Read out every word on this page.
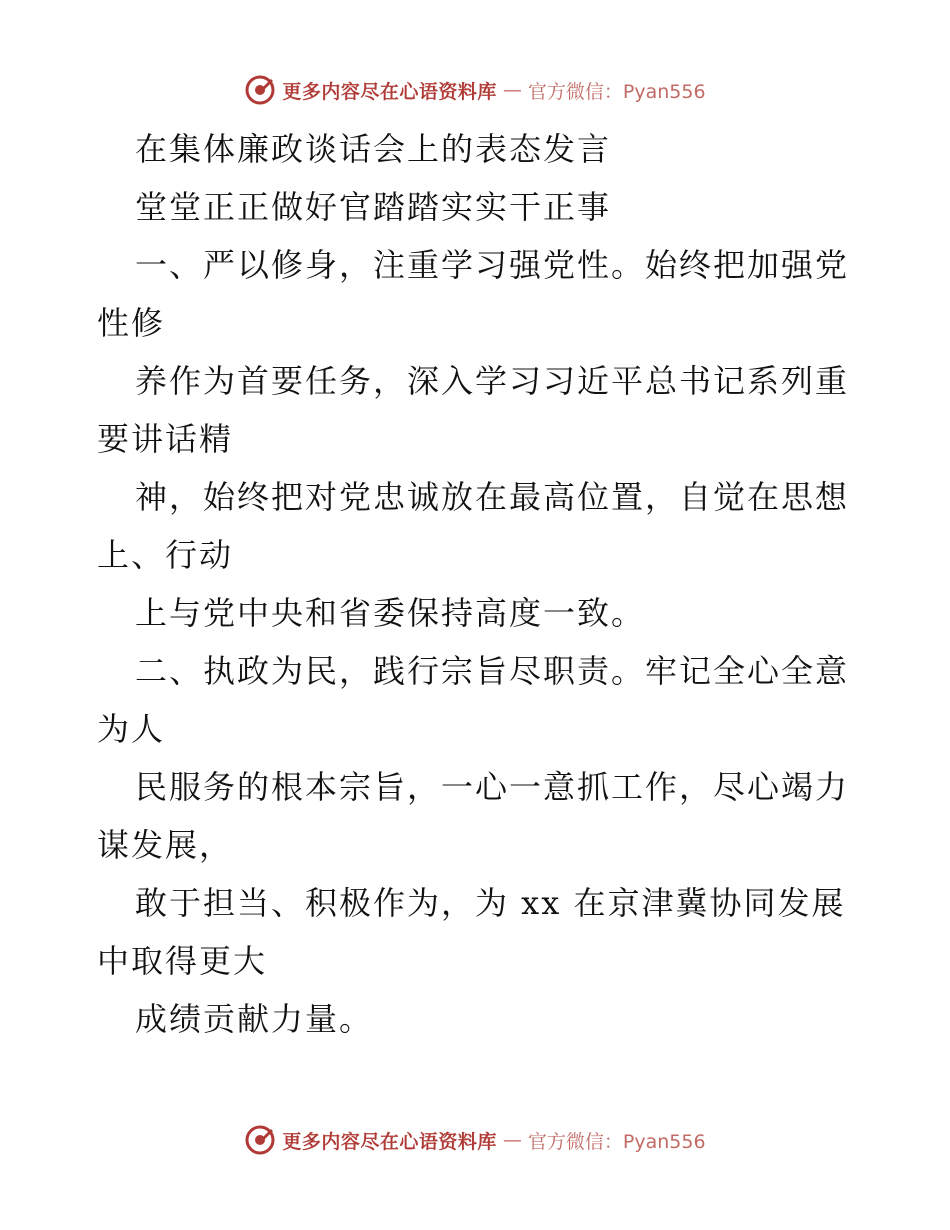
更多内容尽在心语资料库 — 官方微信：Pyan556
在集体廉政谈话会上的表态发言
堂堂正正做好官踏踏实实干正事
一、严以修身，注重学习强党性。始终把加强党
性修
养作为首要任务，深入学习习近平总书记系列重
要讲话精
神，始终把对党忠诚放在最高位置，自觉在思想
上、行动
上与党中央和省委保持高度一致。
二、执政为民，践行宗旨尽职责。牢记全心全意
为人
民服务的根本宗旨，一心一意抓工作，尽心竭力
谋发展，
敢于担当、积极作为，为 xx 在京津冀协同发展
中取得更大
成绩贡献力量。
更多内容尽在心语资料库 — 官方微信：Pyan556
